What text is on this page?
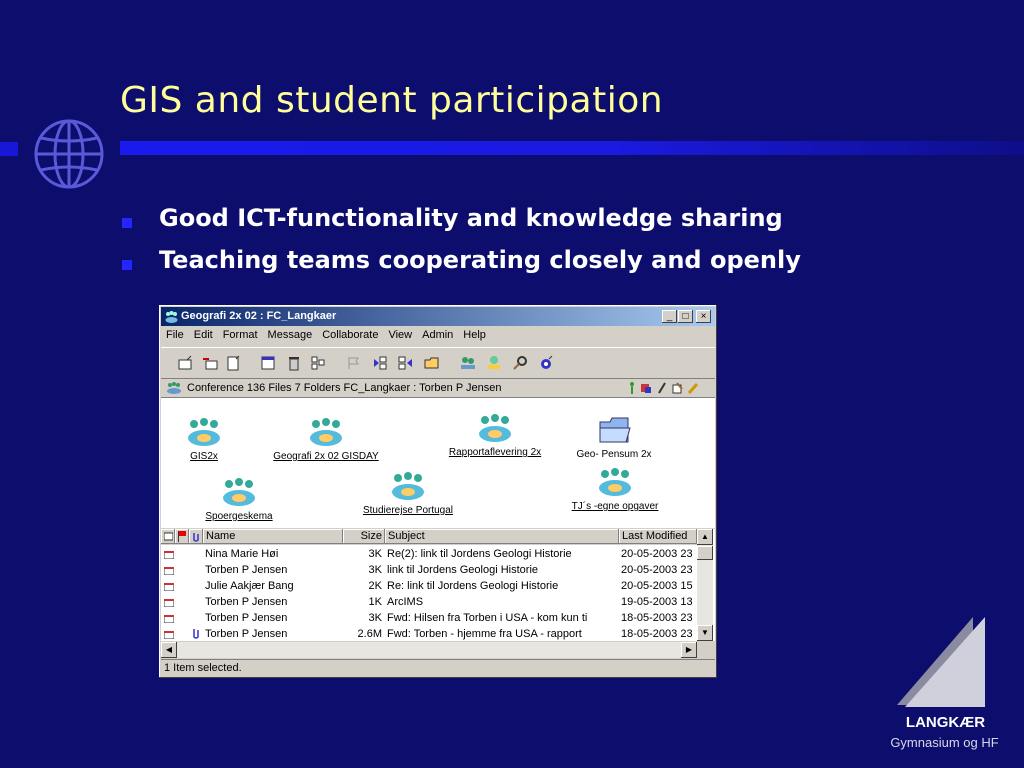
GIS and student participation
Good ICT-functionality and knowledge sharing
Teaching teams cooperating closely and openly
Geografi 2x 02 : FC_Langkaer	_	□	×
File Edit Format Message Collaborate View Admin Help
Conference 136 Files 7 Folders FC_Langkaer : Torben P Jensen

GIS2x	Geografi 2x 02 GISDAY	Rapportaflevering 2x	Geo- Pensum 2x

Spoergeskema

Studierejse Portugal	TJ´s -egne opgaver
Name	Size Subject	Last Modified
Nina Marie Høi	3K Re(2): link til Jordens Geologi Historie	20-05-2003 23
Torben P Jensen	3K link til Jordens Geologi Historie	20-05-2003 23
Julie Aakjær Bang	2K Re: link til Jordens Geologi Historie	20-05-2003 15
Torben P Jensen	1K ArcIMS	19-05-2003 13
Torben P Jensen	3K Fwd: Hilsen fra Torben i USA - kom kun ti	18-05-2003 23
Torben P Jensen	2.6M Fwd: Torben - hjemme fra USA - rapport	18-05-2003 23
▲
▼
◀	▶
1 Item selected.
LANGKÆR
Gymnasium og HF
